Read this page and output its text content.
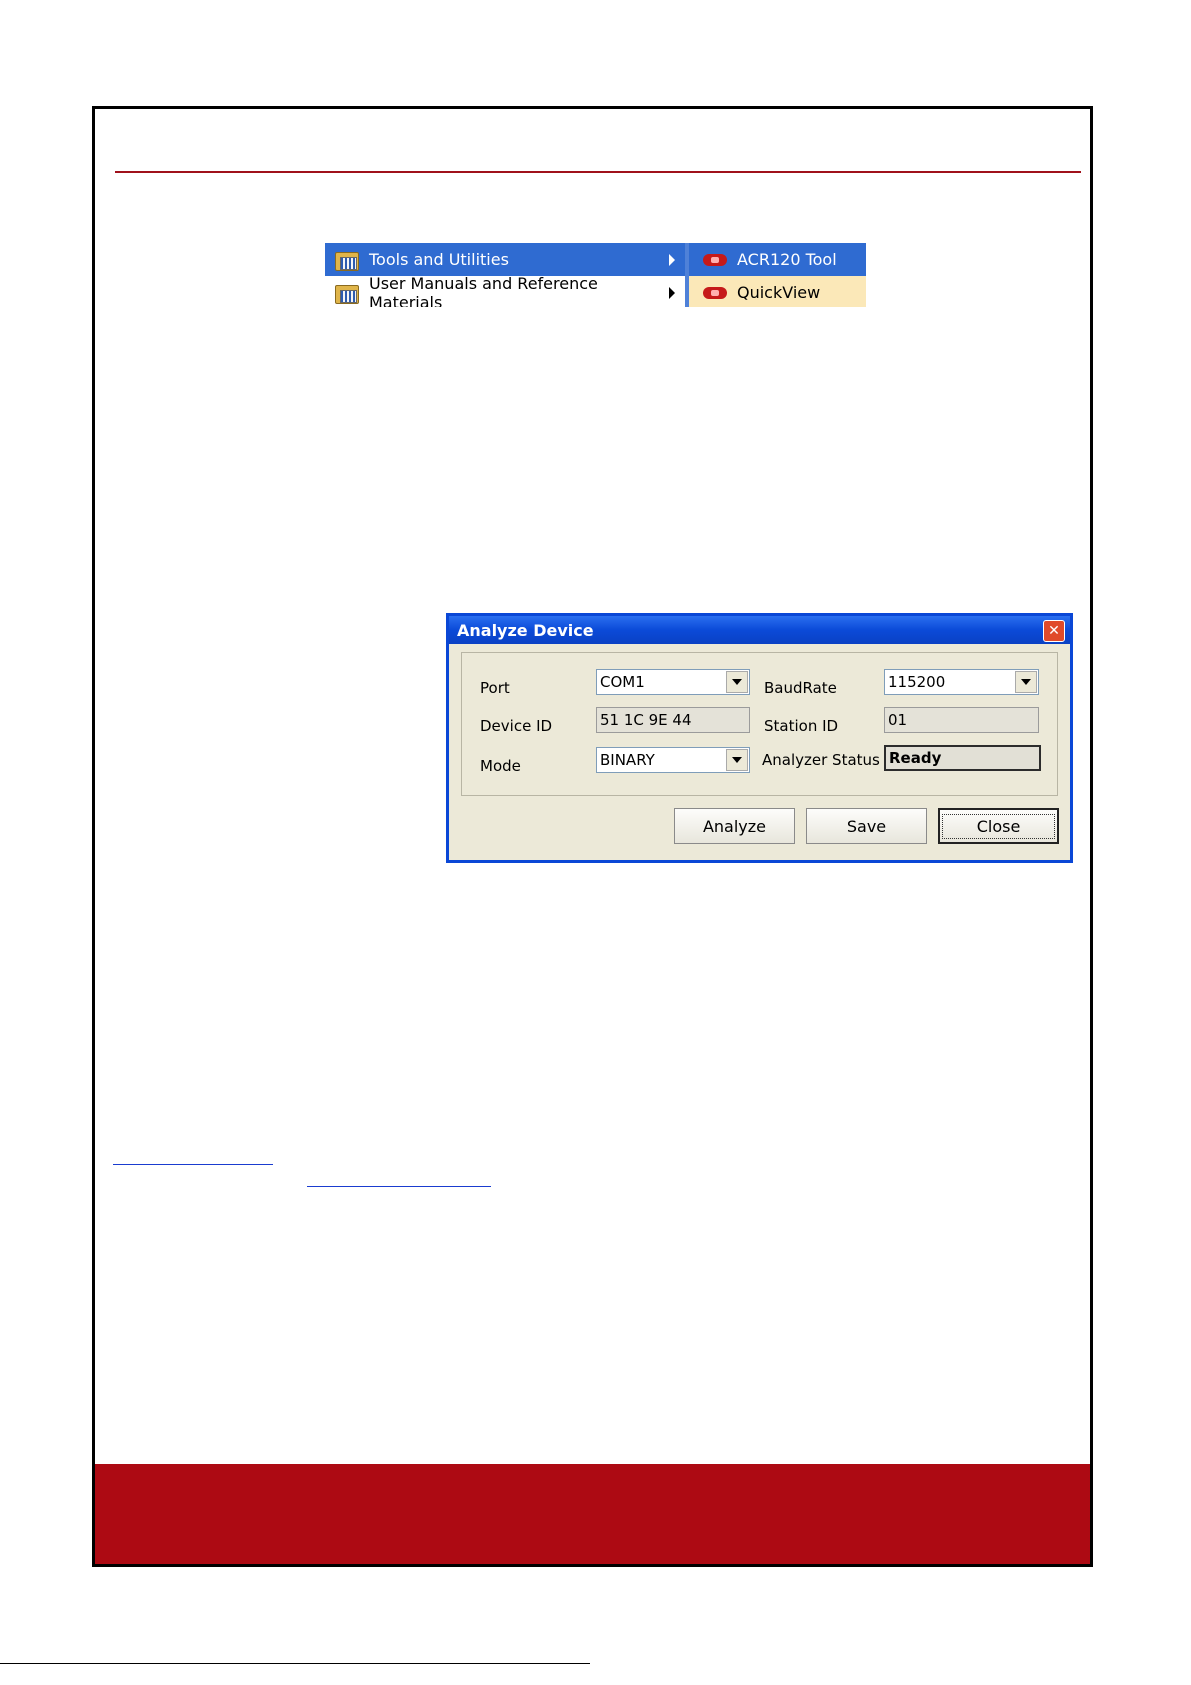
Tools and Utilities
User Manuals and Reference Materials
ACR120 Tool
QuickView
Analyze Device	✕
Port	COM1	BaudRate	115200
Device ID	51 1C 9E 44	Station ID	01
Mode	BINARY	Analyzer Status Ready
Analyze	Save	Close
